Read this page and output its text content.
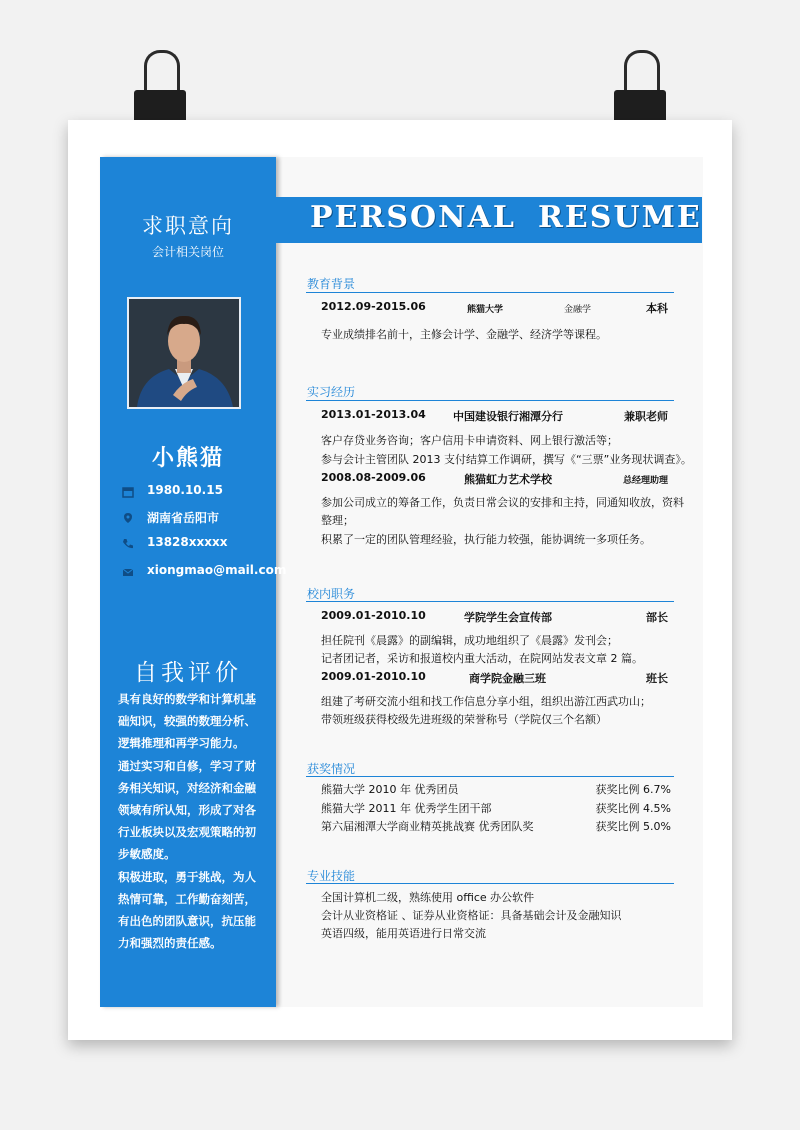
求职意向
会计相关岗位
小熊猫
1980.10.15
湖南省岳阳市
13828xxxxx
xiongmao@mail.com
自我评价

具有良好的数学和计算机基础知识，较强的数理分析、逻辑推理和再学习能力。

通过实习和自修，学习了财务相关知识，对经济和金融领域有所认知，形成了对各行业板块以及宏观策略的初步敏感度。

积极进取，勇于挑战，为人热情可靠，工作勤奋刻苦，有出色的团队意识，抗压能力和强烈的责任感。

PERSONAL RESUME
教育背景
2012.09-2015.06	熊猫大学	金融学	本科
专业成绩排名前十，主修会计学、金融学、经济学等课程。
实习经历
2013.01-2013.04 中国建设银行湘潭分行	兼职老师
客户存贷业务咨询；客户信用卡申请资料、网上银行激活等；
参与会计主管团队 2013 支付结算工作调研，撰写《“三票”业务现状调查》。
2008.08-2009.06	熊猫虹力艺术学校	总经理助理
参加公司成立的筹备工作，负责日常会议的安排和主持，同通知收放，资料
整理；
积累了一定的团队管理经验，执行能力较强，能协调统一多项任务。
校内职务
2009.01-2010.10	学院学生会宣传部	部长
担任院刊《晨露》的副编辑，成功地组织了《晨露》发刊会；
记者团记者，采访和报道校内重大活动，在院网站发表文章 2 篇。
2009.01-2010.10	商学院金融三班	班长
组建了考研交流小组和找工作信息分享小组，组织出游江西武功山；
带领班级获得校级先进班级的荣誉称号（学院仅三个名额）
获奖情况
熊猫大学 2010 年 优秀团员	获奖比例 6.7%
熊猫大学 2011 年 优秀学生团干部	获奖比例 4.5%
第六届湘潭大学商业精英挑战赛 优秀团队奖	获奖比例 5.0%
专业技能
全国计算机二级，熟练使用 office 办公软件
会计从业资格证 、证券从业资格证：具备基础会计及金融知识
英语四级，能用英语进行日常交流
